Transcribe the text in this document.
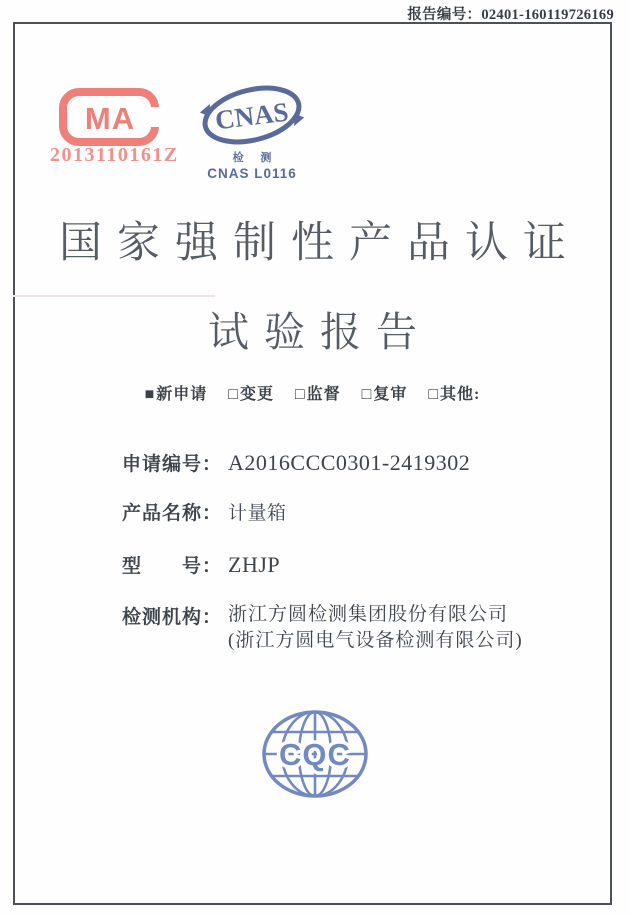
报告编号：02401-160119726169
MA
2013110161Z
CNAS
检 测
CNAS L0116
国家强制性产品认证
试验报告
■新申请 □变更 □监督 □复审 □其他:
申请编号： A2016CCC0301-2419302
产品名称： 计量箱
型　　号： ZHJP
检测机构： 浙江方圆检测集团股份有限公司
(浙江方圆电气设备检测有限公司)
CQC
